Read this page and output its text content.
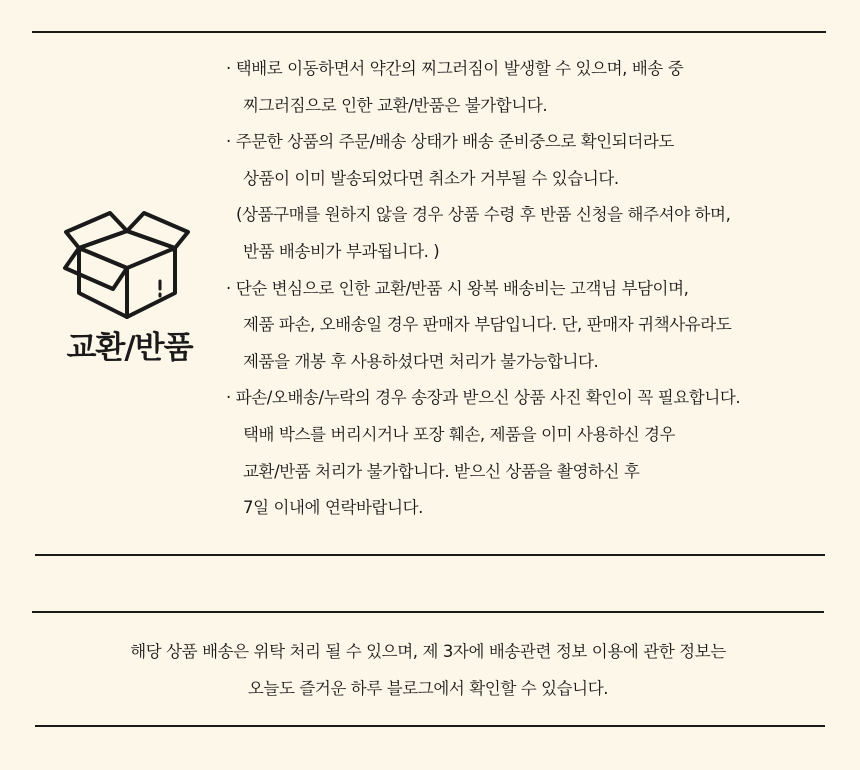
교환/반품
· 택배로 이동하면서 약간의 찌그러짐이 발생할 수 있으며, 배송 중
찌그러짐으로 인한 교환/반품은 불가합니다.
· 주문한 상품의 주문/배송 상태가 배송 준비중으로 확인되더라도
상품이 이미 발송되었다면 취소가 거부될 수 있습니다.
(상품구매를 원하지 않을 경우 상품 수령 후 반품 신청을 해주셔야 하며,
반품 배송비가 부과됩니다. )
· 단순 변심으로 인한 교환/반품 시 왕복 배송비는 고객님 부담이며,
제품 파손, 오배송일 경우 판매자 부담입니다. 단, 판매자 귀책사유라도
제품을 개봉 후 사용하셨다면 처리가 불가능합니다.
· 파손/오배송/누락의 경우 송장과 받으신 상품 사진 확인이 꼭 필요합니다.
택배 박스를 버리시거나 포장 훼손, 제품을 이미 사용하신 경우
교환/반품 처리가 불가합니다. 받으신 상품을 촬영하신 후
7일 이내에 연락바랍니다.
해당 상품 배송은 위탁 처리 될 수 있으며, 제 3자에 배송관련 정보 이용에 관한 정보는
오늘도 즐거운 하루 블로그에서 확인할 수 있습니다.
